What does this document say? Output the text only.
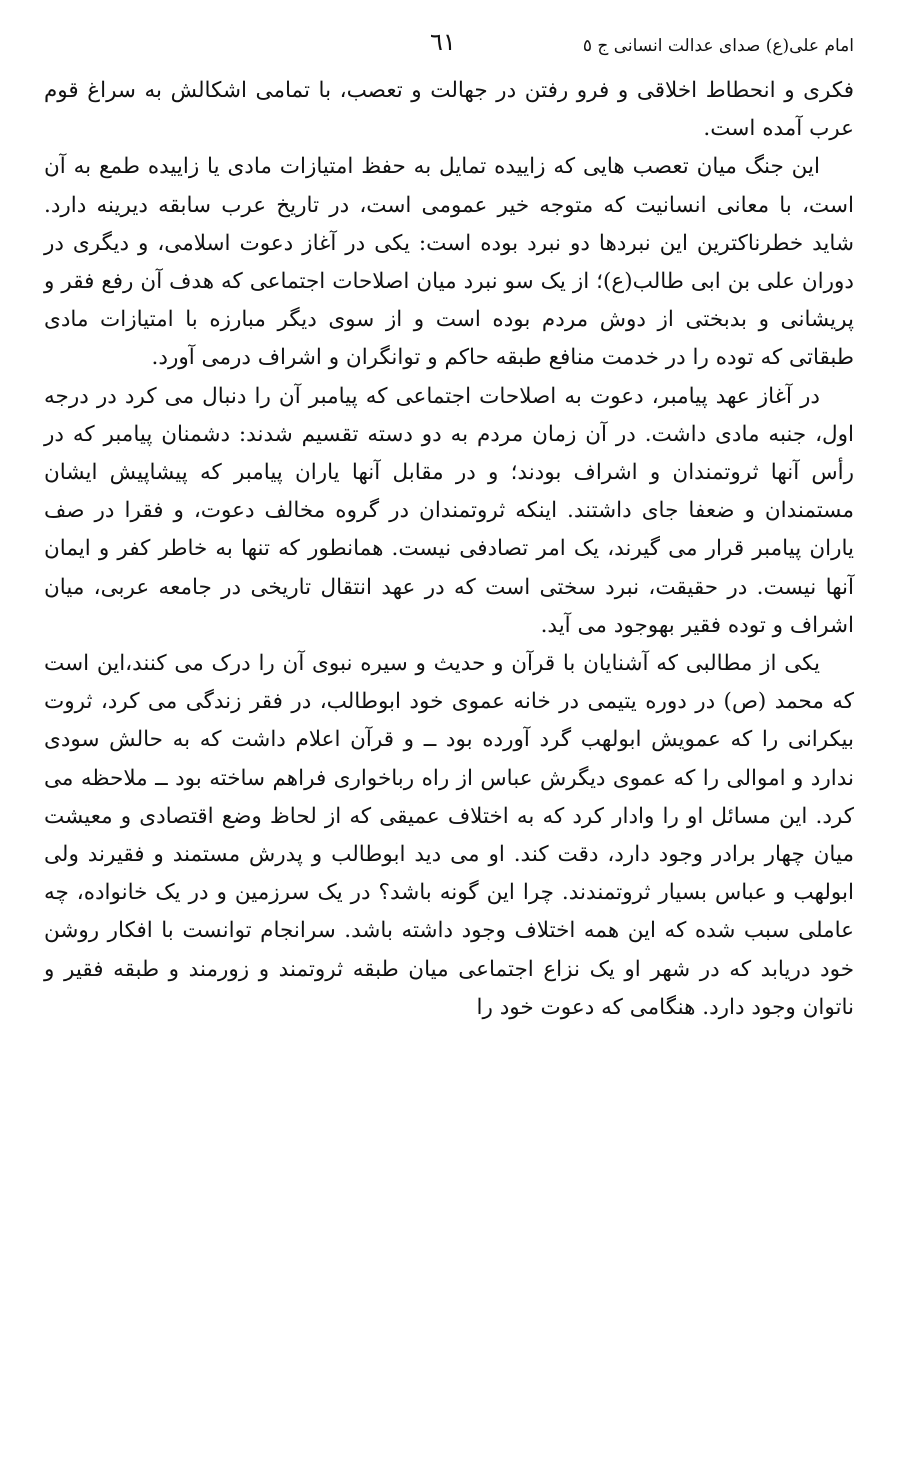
امام علی(ع) صدای عدالت انسانی ج ٥
٦١

فکری و انحطاط اخلاقی و فرو رفتن در جهالت و تعصب، با تمامی اشکالش به سراغ قوم عرب آمده است.

این جنگ میان تعصب هایی که زاییده تمایل به حفظ امتیازات مادی یا زاییده طمع به آن است، با معانی انسانیت که متوجه خیر عمومی است، در تاریخ عرب سابقه دیرینه دارد. شاید خطرناکترین این نبردها دو نبرد بوده است: یکی در آغاز دعوت اسلامی، و دیگری در دوران علی بن ابی طالب(ع)؛ از یک سو نبرد میان اصلاحات اجتماعی که هدف آن رفع فقر و پریشانی و بدبختی از دوش مردم بوده است و از سوی دیگر مبارزه با امتیازات مادی طبقاتی که توده را در خدمت منافع طبقه حاکم و توانگران و اشراف درمی آورد.

در آغاز عهد پیامبر، دعوت به اصلاحات اجتماعی که پیامبر آن را دنبال می کرد در درجه اول، جنبه مادی داشت. در آن زمان مردم به دو دسته تقسیم شدند: دشمنان پیامبر که در رأس آنها ثروتمندان و اشراف بودند؛ و در مقابل آنها یاران پیامبر که پیشاپیش ایشان مستمندان و ضعفا جای داشتند. اینکه ثروتمندان در گروه مخالف دعوت، و فقرا در صف یاران پیامبر قرار می گیرند، یک امر تصادفی نیست. همانطور که تنها به خاطر کفر و ایمان آنها نیست. در حقیقت، نبرد سختی است که در عهد انتقال تاریخی در جامعه عربی، میان اشراف و توده فقیر بهوجود می آید.

یکی از مطالبی که آشنایان با قرآن و حدیث و سیره نبوی آن را درک می کنند،این است که محمد (ص) در دوره یتیمی در خانه عموی خود ابوطالب، در فقر زندگی می کرد، ثروت بیکرانی را که عمویش ابولهب گرد آورده بود ــ و قرآن اعلام داشت که به حالش سودی ندارد و اموالی را که عموی دیگرش عباس از راه رباخواری فراهم ساخته بود ــ ملاحظه می کرد. این مسائل او را وادار کرد که به اختلاف عمیقی که از لحاظ وضع اقتصادی و معیشت میان چهار برادر وجود دارد، دقت کند. او می دید ابوطالب و پدرش مستمند و فقیرند ولی ابولهب و عباس بسیار ثروتمندند. چرا این گونه باشد؟ در یک سرزمین و در یک خانواده، چه عاملی سبب شده که این همه اختلاف وجود داشته باشد. سرانجام توانست با افکار روشن خود دریابد که در شهر او یک نزاع اجتماعی میان طبقه ثروتمند و زورمند و طبقه فقیر و ناتوان وجود دارد. هنگامی که دعوت خود را
